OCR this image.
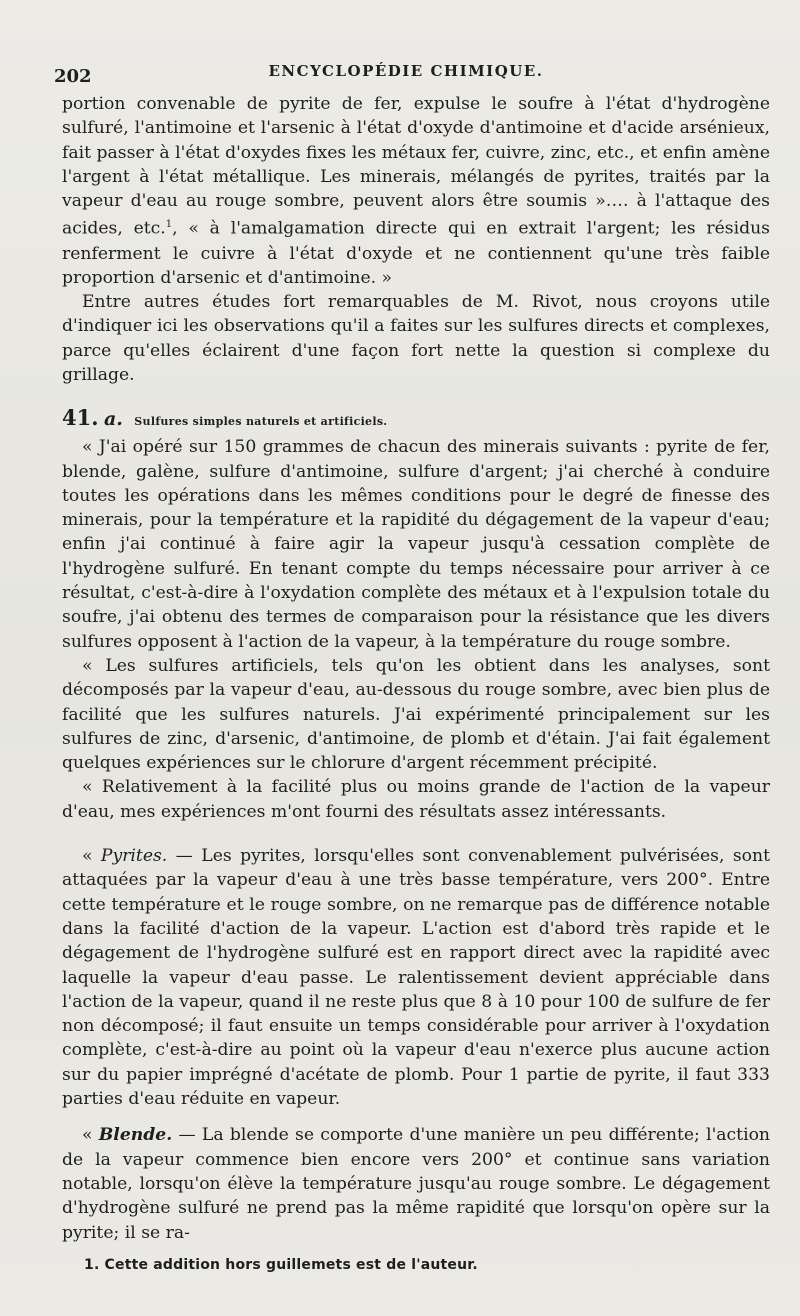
202	ENCYCLOPÉDIE CHIMIQUE.

portion convenable de pyrite de fer, expulse le soufre à l'état d'hydrogène sulfuré, l'antimoine et l'arsenic à l'état d'oxyde d'antimoine et d'acide arsénieux, fait passer à l'état d'oxydes fixes les métaux fer, cuivre, zinc, etc., et enfin amène l'argent à l'état métallique. Les minerais, mélangés de pyrites, traités par la vapeur d'eau au rouge sombre, peuvent alors être soumis »…. à l'attaque des acides, etc.$^1$, « à l'amalgamation directe qui en extrait l'argent; les résidus renferment le cuivre à l'état d'oxyde et ne contiennent qu'une très faible proportion d'arsenic et d'antimoine. »

Entre autres études fort remarquables de M. Rivot, nous croyons utile d'indiquer ici les observations qu'il a faites sur les sulfures directs et complexes, parce qu'elles éclairent d'une façon fort nette la question si complexe du grillage.

41. a. Sulfures simples naturels et artificiels.

« J'ai opéré sur 150 grammes de chacun des minerais suivants : pyrite de fer, blende, galène, sulfure d'antimoine, sulfure d'argent; j'ai cherché à conduire toutes les opérations dans les mêmes conditions pour le degré de finesse des minerais, pour la température et la rapidité du dégagement de la vapeur d'eau; enfin j'ai continué à faire agir la vapeur jusqu'à cessation complète de l'hydrogène sulfuré. En tenant compte du temps nécessaire pour arriver à ce résultat, c'est-à-dire à l'oxydation complète des métaux et à l'expulsion totale du soufre, j'ai obtenu des termes de comparaison pour la résistance que les divers sulfures opposent à l'action de la vapeur, à la température du rouge sombre.

« Les sulfures artificiels, tels qu'on les obtient dans les analyses, sont décomposés par la vapeur d'eau, au-dessous du rouge sombre, avec bien plus de facilité que les sulfures naturels. J'ai expérimenté principalement sur les sulfures de zinc, d'arsenic, d'antimoine, de plomb et d'étain. J'ai fait également quelques expériences sur le chlorure d'argent récemment précipité.

« Relativement à la facilité plus ou moins grande de l'action de la vapeur d'eau, mes expériences m'ont fourni des résultats assez intéressants.

« Pyrites. — Les pyrites, lorsqu'elles sont convenablement pulvérisées, sont attaquées par la vapeur d'eau à une très basse température, vers 200°. Entre cette température et le rouge sombre, on ne remarque pas de différence notable dans la facilité d'action de la vapeur. L'action est d'abord très rapide et le dégagement de l'hydrogène sulfuré est en rapport direct avec la rapidité avec laquelle la vapeur d'eau passe. Le ralentissement devient appréciable dans l'action de la vapeur, quand il ne reste plus que 8 à 10 pour 100 de sulfure de fer non décomposé; il faut ensuite un temps considérable pour arriver à l'oxydation complète, c'est-à-dire au point où la vapeur d'eau n'exerce plus aucune action sur du papier imprégné d'acétate de plomb. Pour 1 partie de pyrite, il faut 333 parties d'eau réduite en vapeur.

« Blende. — La blende se comporte d'une manière un peu différente; l'action de la vapeur commence bien encore vers 200° et continue sans variation notable, lorsqu'on élève la température jusqu'au rouge sombre. Le dégagement d'hydrogène sulfuré ne prend pas la même rapidité que lorsqu'on opère sur la pyrite; il se ra-

1. Cette addition hors guillemets est de l'auteur.
